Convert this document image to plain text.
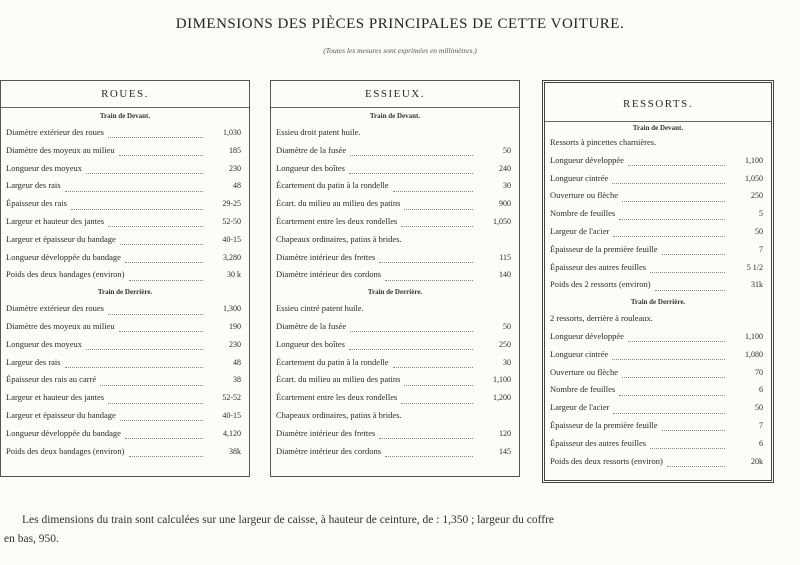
DIMENSIONS DES PIÈCES PRINCIPALES DE CETTE VOITURE.
(Toutes les mesures sont exprimées en millimètres.)
ROUES.
Train de Devant.
Diamètre extérieur des roues	1,030
Diamètre des moyeux au milieu	185
Longueur des moyeux	230
Largeur des rais	48
Épaisseur des rais	29-25
Largeur et hauteur des jantes	52-50
Largeur et épaisseur du bandage	40-15
Longueur développée du bandage	3,280
Poids des deux bandages (environ)	30 k
Train de Derrière.
Diamètre extérieur des roues	1,300
Diamètre des moyeux au milieu	190
Longueur des moyeux	230
Largeur des rais	48
Épaisseur des rais au carré	38
Largeur et hauteur des jantes	52-52
Largeur et épaisseur du bandage	40-15
Longueur développée du bandage	4,120
Poids des deux bandages (environ)	38k
ESSIEUX.
Train de Devant.
Essieu droit patent huile.
Diamètre de la fusée	50
Longueur des boîtes	240
Écartement du patin à la rondelle	30
Écart. du milieu au milieu des patins	900
Écartement entre les deux rondelles	1,050
Chapeaux ordinaires, patins à brides.
Diamètre intérieur des frettes	115
Diamètre intérieur des cordons	140
Train de Derrière.
Essieu cintré patent huile.
Diamètre de la fusée	50
Longueur des boîtes	250
Écartement du patin à la rondelle	30
Écart. du milieu au milieu des patins	1,100
Écartement entre les deux rondelles	1,200
Chapeaux ordinaires, patins à brides.
Diamètre intérieur des frettes	120
Diamètre intérieur des cordons	145
RESSORTS.
Train de Devant.
Ressorts à pincettes charnières.
Longueur développée	1,100
Longueur cintrée	1,050
Ouverture ou flèche	250
Nombre de feuilles	5
Largeur de l'acier	50
Épaisseur de la première feuille	7
Épaisseur des autres feuilles	5 1/2
Poids des 2 ressorts (environ)	31k
Train de Derrière.
2 ressorts, derrière à rouleaux.
Longueur développée	1,100
Longueur cintrée	1,080
Ouverture ou flèche	70
Nombre de feuilles	6
Largeur de l'acier	50
Épaisseur de la première feuille	7
Épaisseur des autres feuilles	6
Poids des deux ressorts (environ)	20k
Les dimensions du train sont calculées sur une largeur de caisse, à hauteur de ceinture, de : 1,350 ; largeur du coffre
en bas, 950.
